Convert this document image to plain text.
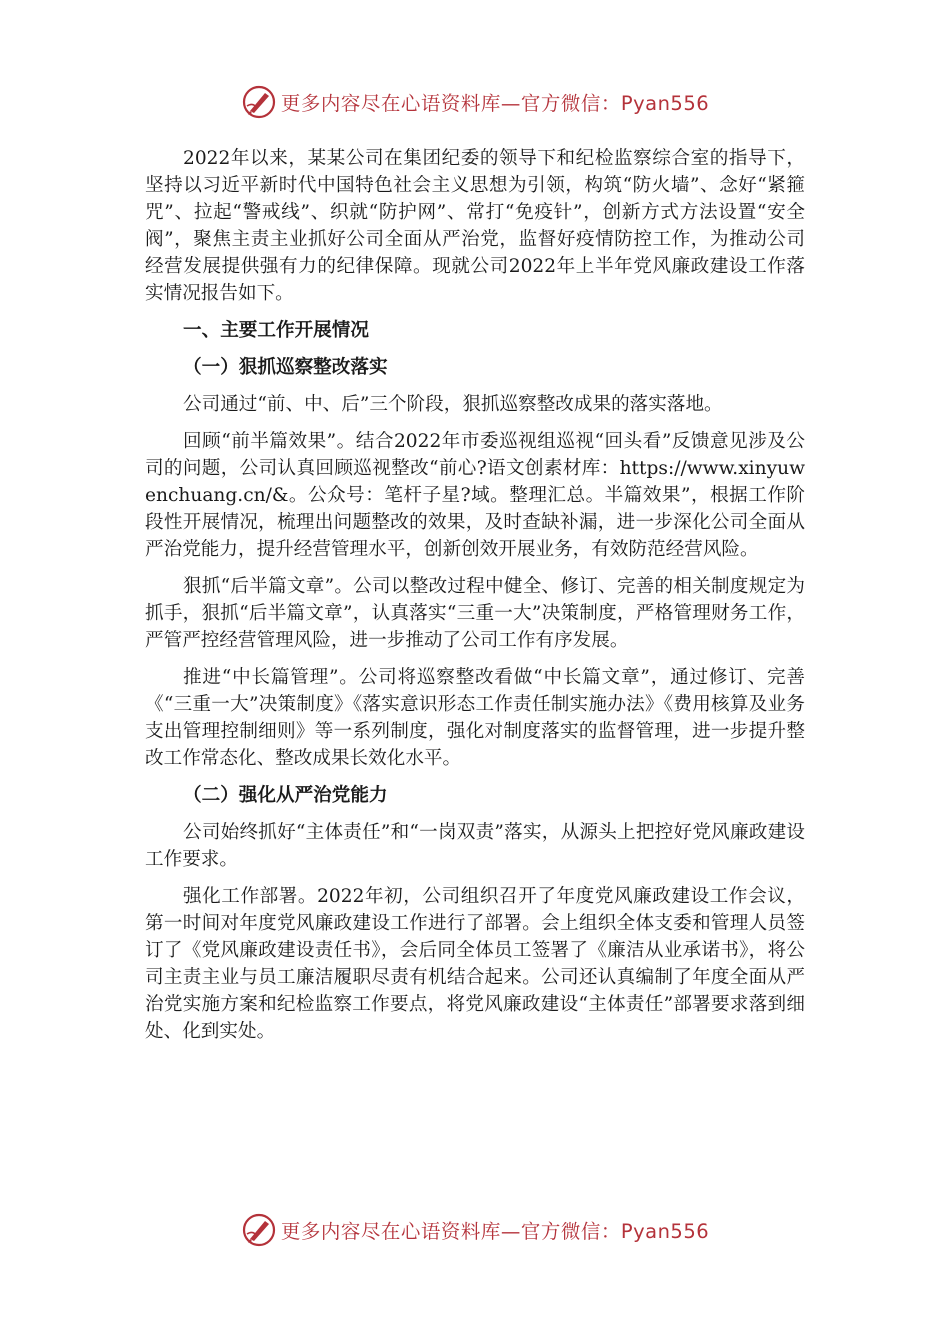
更多内容尽在心语资料库—官方微信：Pyan556

2022年以来，某某公司在集团纪委的领导下和纪检监察综合室的指导下，坚持以习近平新时代中国特色社会主义思想为引领，构筑“防火墙”、念好“紧箍咒”、拉起“警戒线”、织就“防护网”、常打“免疫针”，创新方式方法设置“安全阀”，聚焦主责主业抓好公司全面从严治党，监督好疫情防控工作，为推动公司经营发展提供强有力的纪律保障。现就公司2022年上半年党风廉政建设工作落实情况报告如下。

一、主要工作开展情况
（一）狠抓巡察整改落实

公司通过“前、中、后”三个阶段，狠抓巡察整改成果的落实落地。

回顾“前半篇效果”。结合2022年市委巡视组巡视“回头看”反馈意见涉及公司的问题，公司认真回顾巡视整改“前心?语文创素材库：https://www.xinyuwenchuang.cn/&。公众号：笔杆子星?域。整理汇总。半篇效果”，根据工作阶段性开展情况，梳理出问题整改的效果，及时查缺补漏，进一步深化公司全面从严治党能力，提升经营管理水平，创新创效开展业务，有效防范经营风险。

狠抓“后半篇文章”。公司以整改过程中健全、修订、完善的相关制度规定为抓手，狠抓“后半篇文章”，认真落实“三重一大”决策制度，严格管理财务工作，严管严控经营管理风险，进一步推动了公司工作有序发展。

推进“中长篇管理”。公司将巡察整改看做“中长篇文章”，通过修订、完善《“三重一大”决策制度》《落实意识形态工作责任制实施办法》《费用核算及业务支出管理控制细则》等一系列制度，强化对制度落实的监督管理，进一步提升整改工作常态化、整改成果长效化水平。

（二）强化从严治党能力

公司始终抓好“主体责任”和“一岗双责”落实，从源头上把控好党风廉政建设工作要求。

强化工作部署。2022年初，公司组织召开了年度党风廉政建设工作会议，第一时间对年度党风廉政建设工作进行了部署。会上组织全体支委和管理人员签订了《党风廉政建设责任书》，会后同全体员工签署了《廉洁从业承诺书》，将公司主责主业与员工廉洁履职尽责有机结合起来。公司还认真编制了年度全面从严治党实施方案和纪检监察工作要点，将党风廉政建设“主体责任”部署要求落到细处、化到实处。

更多内容尽在心语资料库—官方微信：Pyan556
